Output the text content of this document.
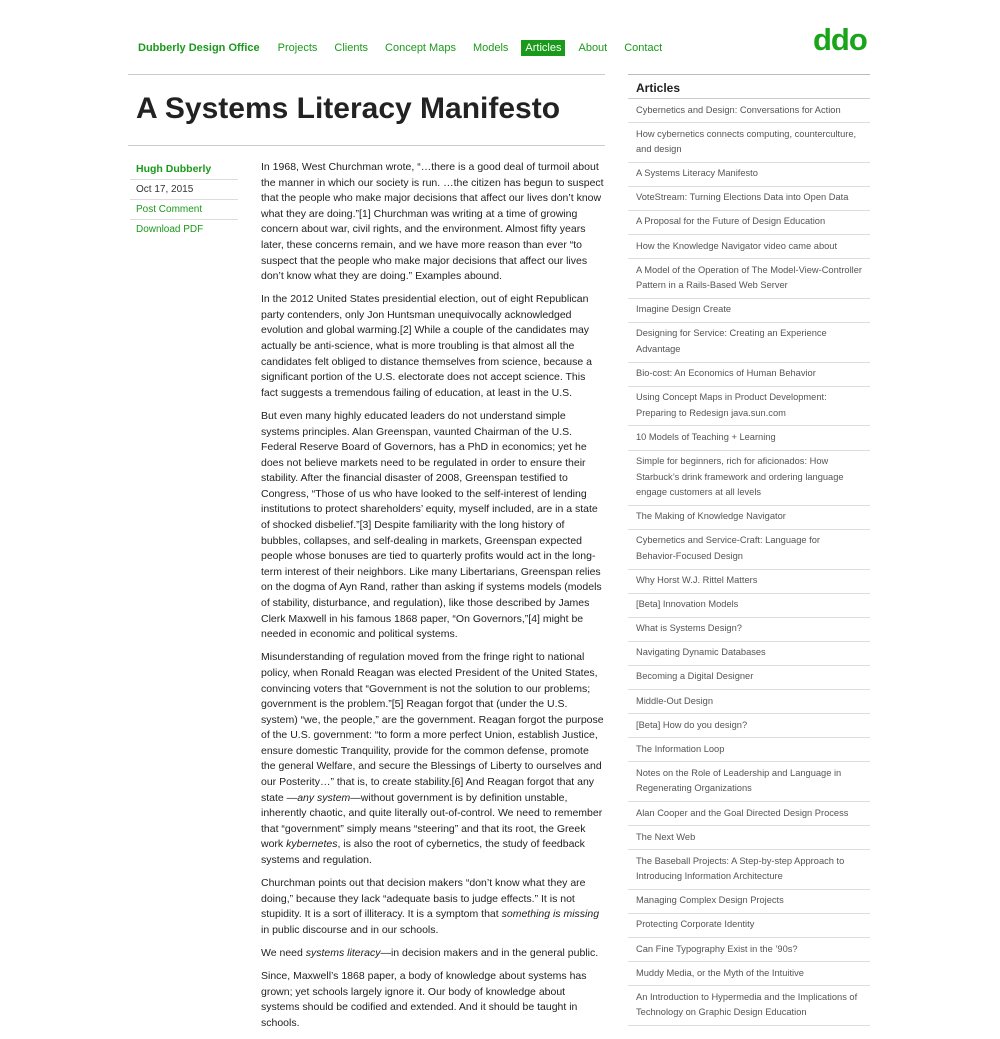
Dubberly Design Office Projects Clients Concept Maps Models	Articles	About Contact	ddo
A Systems Literacy Manifesto
Hugh Dubberly
Oct 17, 2015
Post Comment
Download PDF

In 1968, West Churchman wrote, “…there is a good deal of turmoil about the manner in which our society is run. …the citizen has begun to suspect that the people who make major decisions that affect our lives don’t know what they are doing.”[1] Churchman was writing at a time of growing concern about war, civil rights, and the environment. Almost fifty years later, these concerns remain, and we have more reason than ever “to suspect that the people who make major decisions that affect our lives don’t know what they are doing.” Examples abound.

In the 2012 United States presidential election, out of eight Republican party contenders, only Jon Huntsman unequivocally acknowledged evolution and global warming.[2] While a couple of the candidates may actually be anti-science, what is more troubling is that almost all the candidates felt obliged to distance themselves from science, because a significant portion of the U.S. electorate does not accept science. This fact suggests a tremendous failing of education, at least in the U.S.

But even many highly educated leaders do not understand simple systems principles. Alan Greenspan, vaunted Chairman of the U.S. Federal Reserve Board of Governors, has a PhD in economics; yet he does not believe markets need to be regulated in order to ensure their stability. After the financial disaster of 2008, Greenspan testified to Congress, “Those of us who have looked to the self-interest of lending institutions to protect shareholders’ equity, myself included, are in a state of shocked disbelief.”[3] Despite familiarity with the long history of bubbles, collapses, and self-dealing in markets, Greenspan expected people whose bonuses are tied to quarterly profits would act in the long-term interest of their neighbors. Like many Libertarians, Greenspan relies on the dogma of Ayn Rand, rather than asking if systems models (models of stability, disturbance, and regulation), like those described by James Clerk Maxwell in his famous 1868 paper, “On Governors,”[4] might be needed in economic and political systems.

Misunderstanding of regulation moved from the fringe right to national policy, when Ronald Reagan was elected President of the United States, convincing voters that “Government is not the solution to our problems; government is the problem.”[5] Reagan forgot that (under the U.S. system) “we, the people,” are the government. Reagan forgot the purpose of the U.S. government: “to form a more perfect Union, establish Justice, ensure domestic Tranquility, provide for the common defense, promote the general Welfare, and secure the Blessings of Liberty to ourselves and our Posterity…” that is, to create stability.[6] And Reagan forgot that any state —any system—without government is by definition unstable, inherently chaotic, and quite literally out-of-control. We need to remember that “government” simply means “steering” and that its root, the Greek work kybernetes, is also the root of cybernetics, the study of feedback systems and regulation.

Churchman points out that decision makers “don’t know what they are doing,” because they lack “adequate basis to judge effects.” It is not stupidity. It is a sort of illiteracy. It is a symptom that something is missing in public discourse and in our schools.

We need systems literacy—in decision makers and in the general public.

Since, Maxwell’s 1868 paper, a body of knowledge about systems has grown; yet schools largely ignore it. Our body of knowledge about systems should be codified and extended. And it should be taught in schools.

Articles
Cybernetics and Design: Conversations for Action
How cybernetics connects computing, counterculture, and design
A Systems Literacy Manifesto
VoteStream: Turning Elections Data into Open Data
A Proposal for the Future of Design Education
How the Knowledge Navigator video came about
A Model of the Operation of The Model-View-Controller Pattern in a Rails-Based Web Server
Imagine Design Create
Designing for Service: Creating an Experience Advantage
Bio-cost: An Economics of Human Behavior
Using Concept Maps in Product Development: Preparing to Redesign java.sun.com
10 Models of Teaching + Learning
Simple for beginners, rich for aficionados: How Starbuck’s drink framework and ordering language engage customers at all levels
The Making of Knowledge Navigator
Cybernetics and Service-Craft: Language for Behavior-Focused Design
Why Horst W.J. Rittel Matters
[Beta] Innovation Models
What is Systems Design?
Navigating Dynamic Databases
Becoming a Digital Designer
Middle-Out Design
[Beta] How do you design?
The Information Loop
Notes on the Role of Leadership and Language in Regenerating Organizations
Alan Cooper and the Goal Directed Design Process
The Next Web
The Baseball Projects: A Step-by-step Approach to Introducing Information Architecture
Managing Complex Design Projects
Protecting Corporate Identity
Can Fine Typography Exist in the ’90s?
Muddy Media, or the Myth of the Intuitive
An Introduction to Hypermedia and the Implications of Technology on Graphic Design Education
